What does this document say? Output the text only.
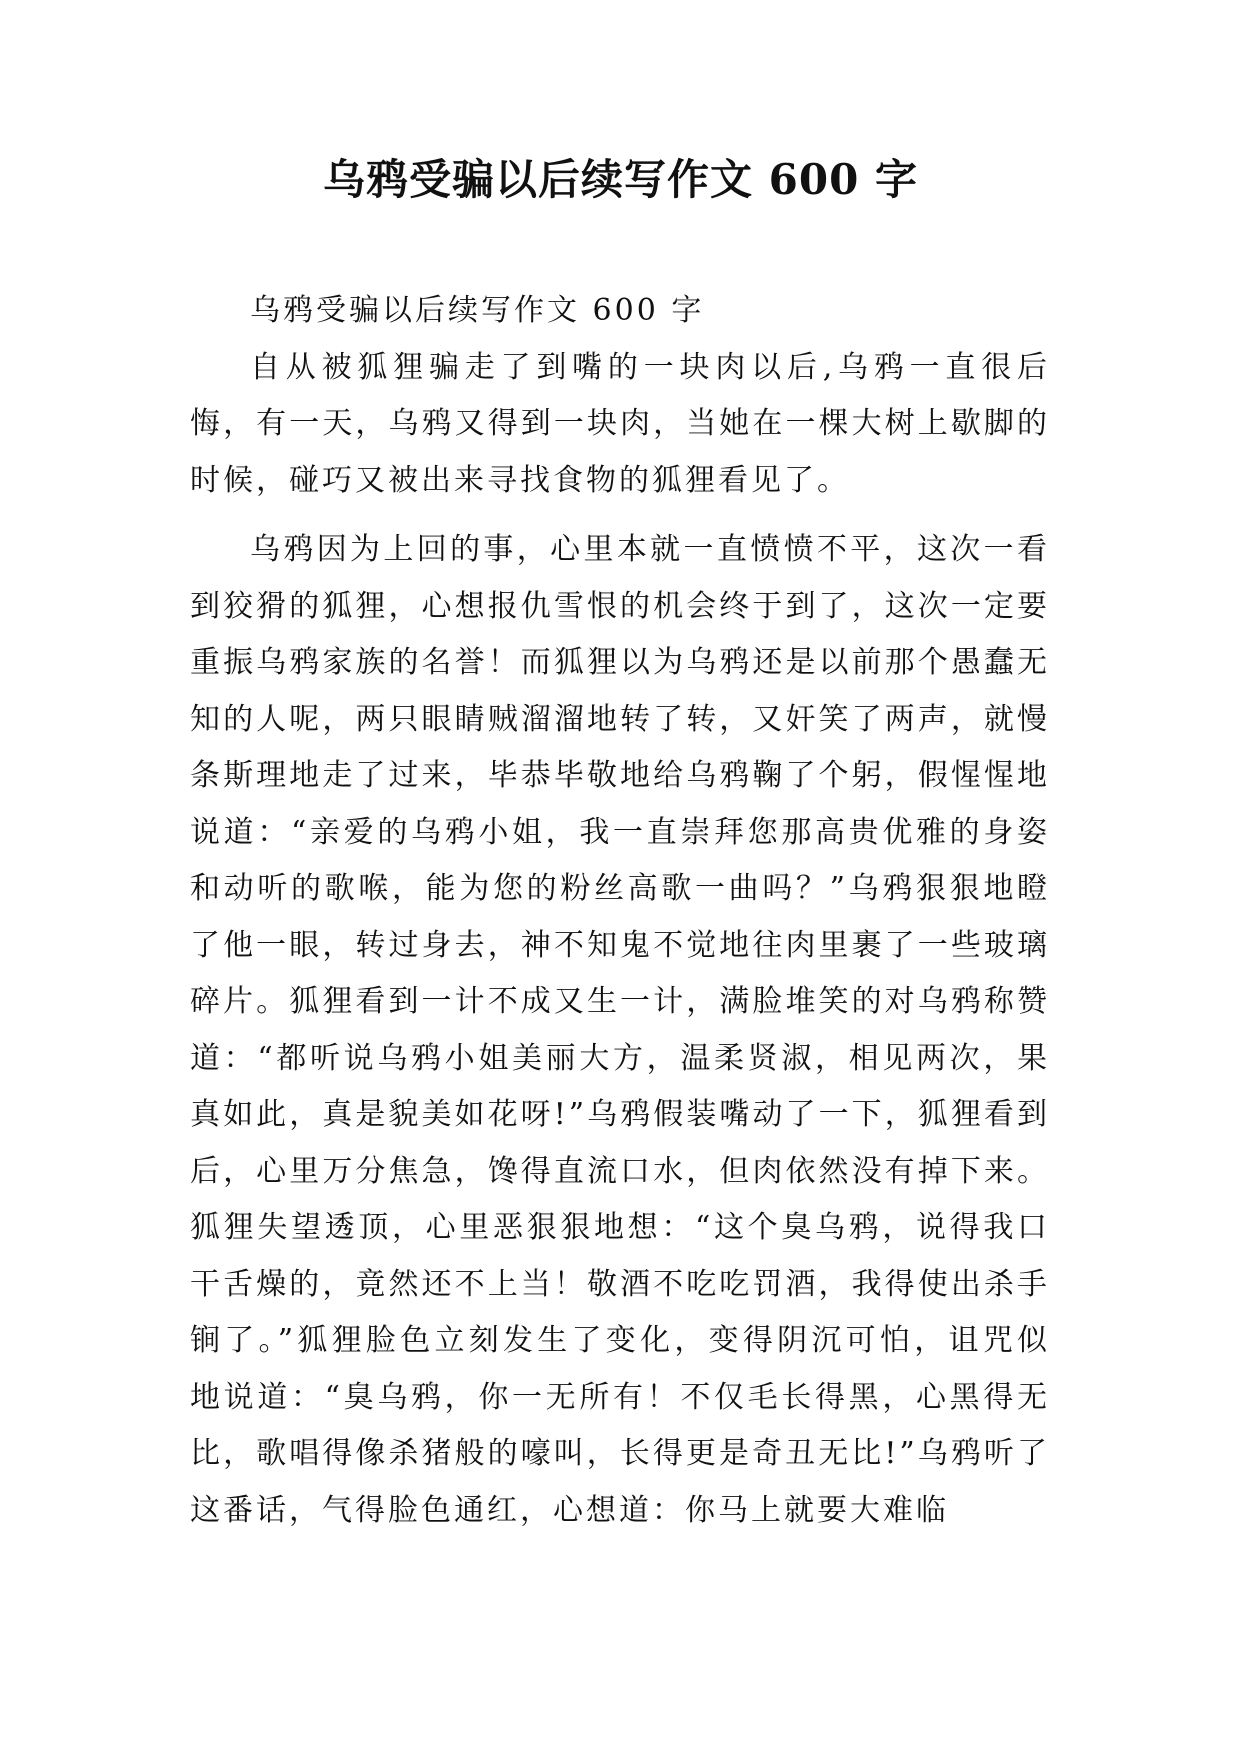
乌鸦受骗以后续写作文 600 字

乌鸦受骗以后续写作文 600 字

自从被狐狸骗走了到嘴的一块肉以后,乌鸦一直很后悔，有一天，乌鸦又得到一块肉，当她在一棵大树上歇脚的时候，碰巧又被出来寻找食物的狐狸看见了。

乌鸦因为上回的事，心里本就一直愤愤不平，这次一看到狡猾的狐狸，心想报仇雪恨的机会终于到了，这次一定要重振乌鸦家族的名誉！而狐狸以为乌鸦还是以前那个愚蠢无知的人呢，两只眼睛贼溜溜地转了转，又奸笑了两声，就慢条斯理地走了过来，毕恭毕敬地给乌鸦鞠了个躬，假惺惺地说道：“亲爱的乌鸦小姐，我一直崇拜您那高贵优雅的身姿和动听的歌喉，能为您的粉丝高歌一曲吗？”乌鸦狠狠地瞪了他一眼，转过身去，神不知鬼不觉地往肉里裹了一些玻璃碎片。狐狸看到一计不成又生一计，满脸堆笑的对乌鸦称赞道：“都听说乌鸦小姐美丽大方，温柔贤淑，相见两次，果真如此，真是貌美如花呀!”乌鸦假装嘴动了一下，狐狸看到后，心里万分焦急，馋得直流口水，但肉依然没有掉下来。狐狸失望透顶，心里恶狠狠地想：“这个臭乌鸦，说得我口干舌燥的，竟然还不上当！敬酒不吃吃罚酒，我得使出杀手锏了。”狐狸脸色立刻发生了变化，变得阴沉可怕，诅咒似地说道：“臭乌鸦，你一无所有！不仅毛长得黑，心黑得无比，歌唱得像杀猪般的嚎叫，长得更是奇丑无比!”乌鸦听了这番话，气得脸色通红，心想道：你马上就要大难临
